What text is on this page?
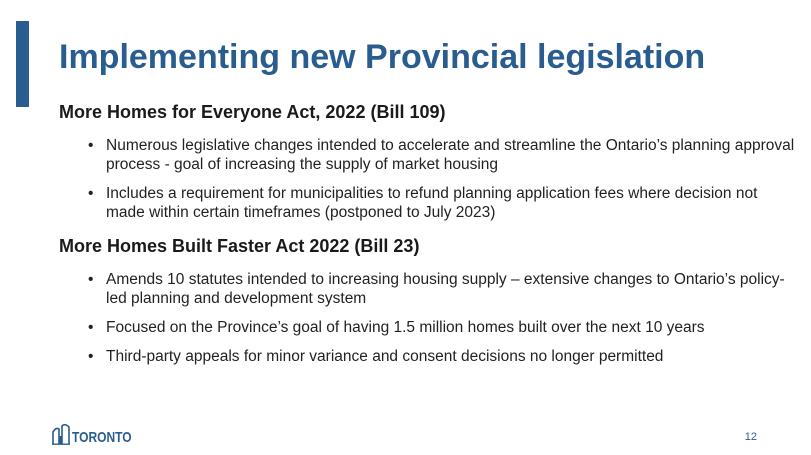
Implementing new Provincial legislation
More Homes for Everyone Act, 2022 (Bill 109)
• Numerous legislative changes intended to accelerate and streamline the Ontario’s planning approval process - goal of increasing the supply of market housing
• Includes a requirement for municipalities to refund planning application fees where decision not made within certain timeframes (postponed to July 2023)
More Homes Built Faster Act 2022 (Bill 23)
• Amends 10 statutes intended to increasing housing supply – extensive changes to Ontario’s policy-led planning and development system
• Focused on the Province’s goal of having 1.5 million homes built over the next 10 years
• Third-party appeals for minor variance and consent decisions no longer permitted
TORONTO	12
